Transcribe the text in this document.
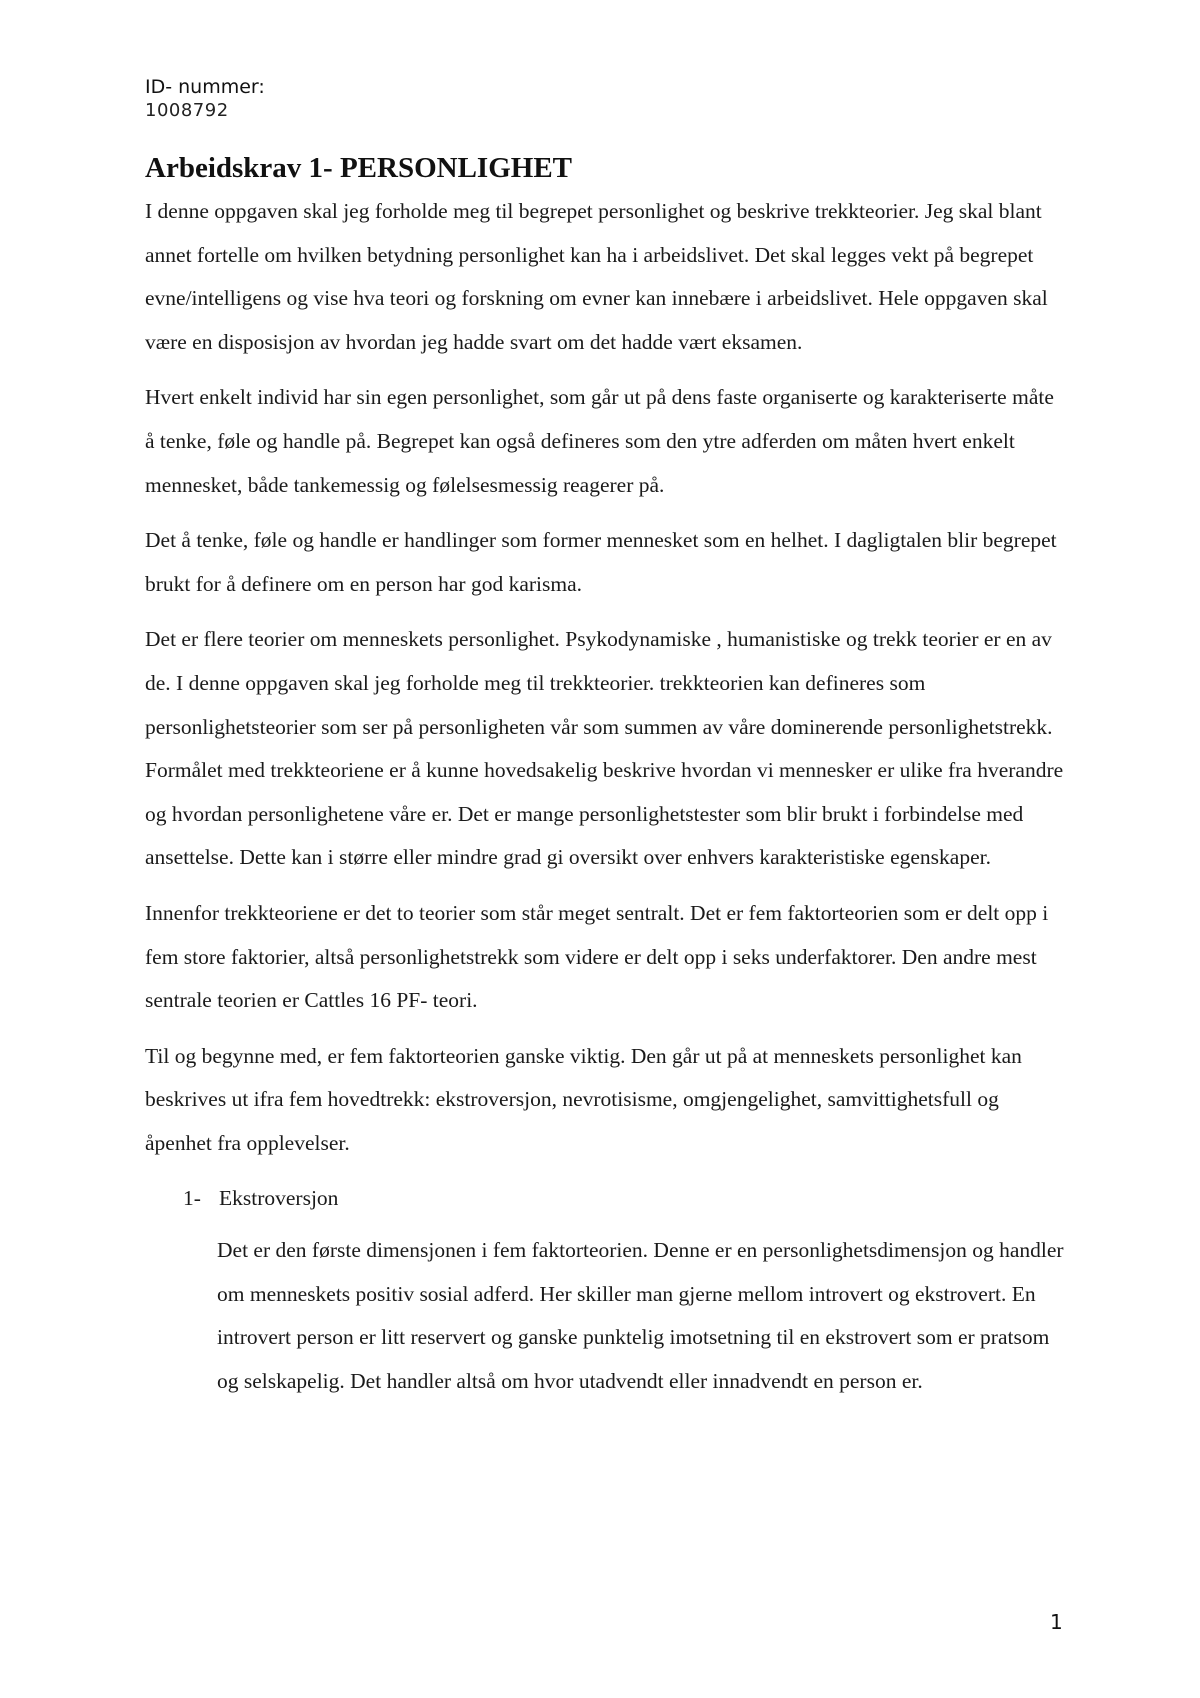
ID- nummer:
1008792
Arbeidskrav 1- PERSONLIGHET

I denne oppgaven skal jeg forholde meg til begrepet personlighet og beskrive trekkteorier. Jeg skal blant annet fortelle om hvilken betydning personlighet kan ha i arbeidslivet. Det skal legges vekt på begrepet evne/intelligens og vise hva teori og forskning om evner kan innebære i arbeidslivet. Hele oppgaven skal være en disposisjon av hvordan jeg hadde svart om det hadde vært eksamen.

Hvert enkelt individ har sin egen personlighet, som går ut på dens faste organiserte og karakteriserte måte å tenke, føle og handle på. Begrepet kan også defineres som den ytre adferden om måten hvert enkelt mennesket, både tankemessig og følelsesmessig reagerer på.

Det å tenke, føle og handle er handlinger som former mennesket som en helhet. I dagligtalen blir begrepet brukt for å definere om en person har god karisma.

Det er flere teorier om menneskets personlighet. Psykodynamiske , humanistiske og trekk teorier er en av de. I denne oppgaven skal jeg forholde meg til trekkteorier. trekkteorien kan defineres som personlighetsteorier som ser på personligheten vår som summen av våre dominerende personlighetstrekk. Formålet med trekkteoriene er å kunne hovedsakelig beskrive hvordan vi mennesker er ulike fra hverandre og hvordan personlighetene våre er. Det er mange personlighetstester som blir brukt i forbindelse med ansettelse. Dette kan i større eller mindre grad gi oversikt over enhvers karakteristiske egenskaper.

Innenfor trekkteoriene er det to teorier som står meget sentralt. Det er fem faktorteorien som er delt opp i fem store faktorier, altså personlighetstrekk som videre er delt opp i seks underfaktorer. Den andre mest sentrale teorien er Cattles 16 PF- teori.

Til og begynne med, er fem faktorteorien ganske viktig. Den går ut på at menneskets personlighet kan beskrives ut ifra fem hovedtrekk: ekstroversjon, nevrotisisme, omgjengelighet, samvittighetsfull og åpenhet fra opplevelser.

1- Ekstroversjon

Det er den første dimensjonen i fem faktorteorien. Denne er en personlighetsdimensjon og handler om menneskets positiv sosial adferd. Her skiller man gjerne mellom introvert og ekstrovert. En introvert person er litt reservert og ganske punktelig imotsetning til en ekstrovert som er pratsom og selskapelig. Det handler altså om hvor utadvendt eller innadvendt en person er.

1
